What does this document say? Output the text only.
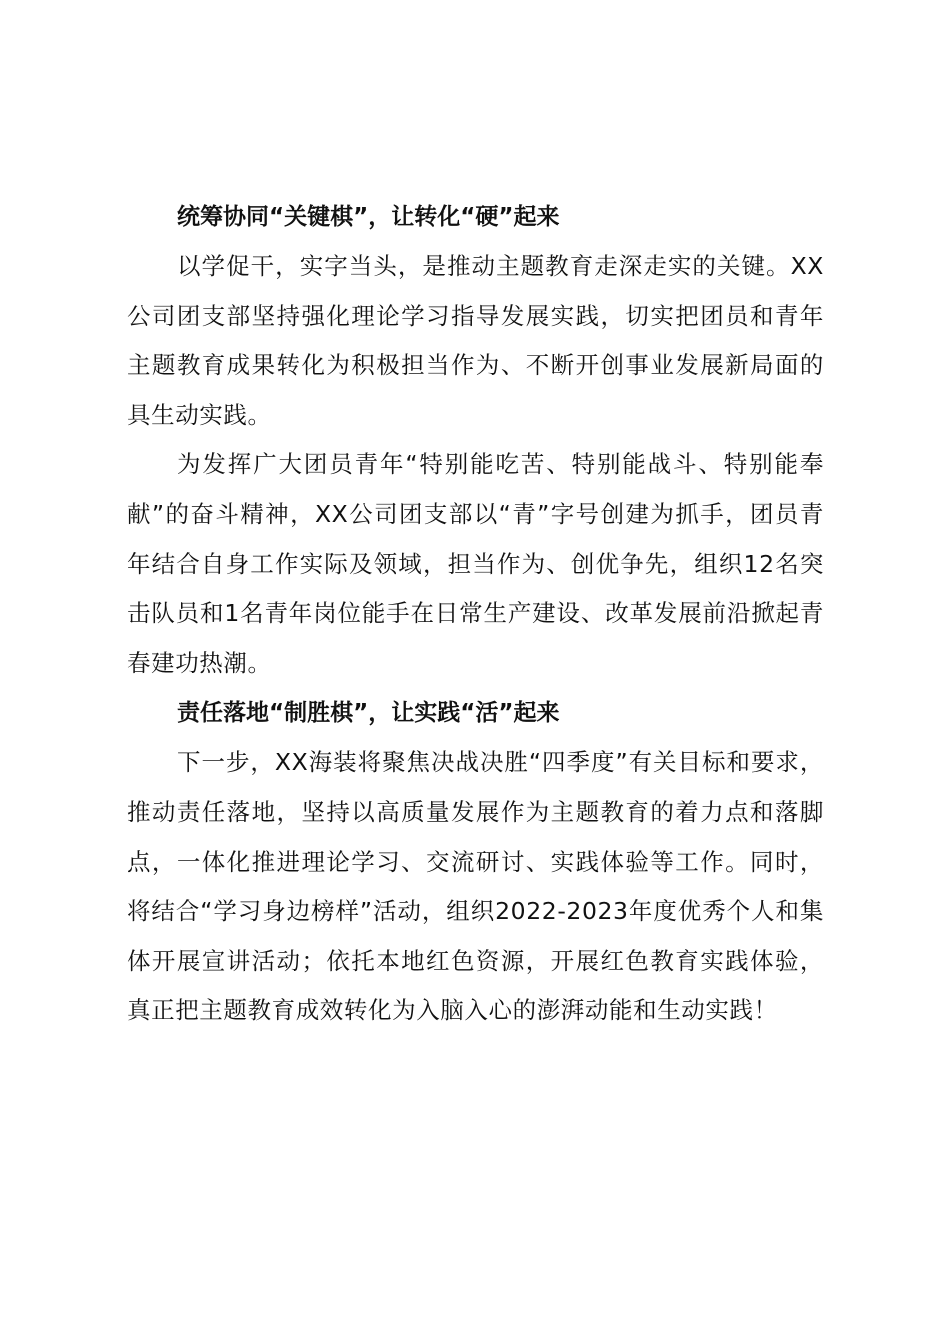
统筹协同“关键棋”，让转化“硬”起来

以学促干，实字当头，是推动主题教育走深走实的关键。XX公司团支部坚持强化理论学习指导发展实践，切实把团员和青年主题教育成果转化为积极担当作为、不断开创事业发展新局面的具生动实践。

为发挥广大团员青年“特别能吃苦、特别能战斗、特别能奉献”的奋斗精神，XX公司团支部以“青”字号创建为抓手，团员青年结合自身工作实际及领域，担当作为、创优争先，组织12名突击队员和1名青年岗位能手在日常生产建设、改革发展前沿掀起青春建功热潮。

责任落地“制胜棋”，让实践“活”起来

下一步，XX海装将聚焦决战决胜“四季度”有关目标和要求，推动责任落地，坚持以高质量发展作为主题教育的着力点和落脚点，一体化推进理论学习、交流研讨、实践体验等工作。同时，将结合“学习身边榜样”活动，组织2022-2023年度优秀个人和集体开展宣讲活动；依托本地红色资源，开展红色教育实践体验，真正把主题教育成效转化为入脑入心的澎湃动能和生动实践！
